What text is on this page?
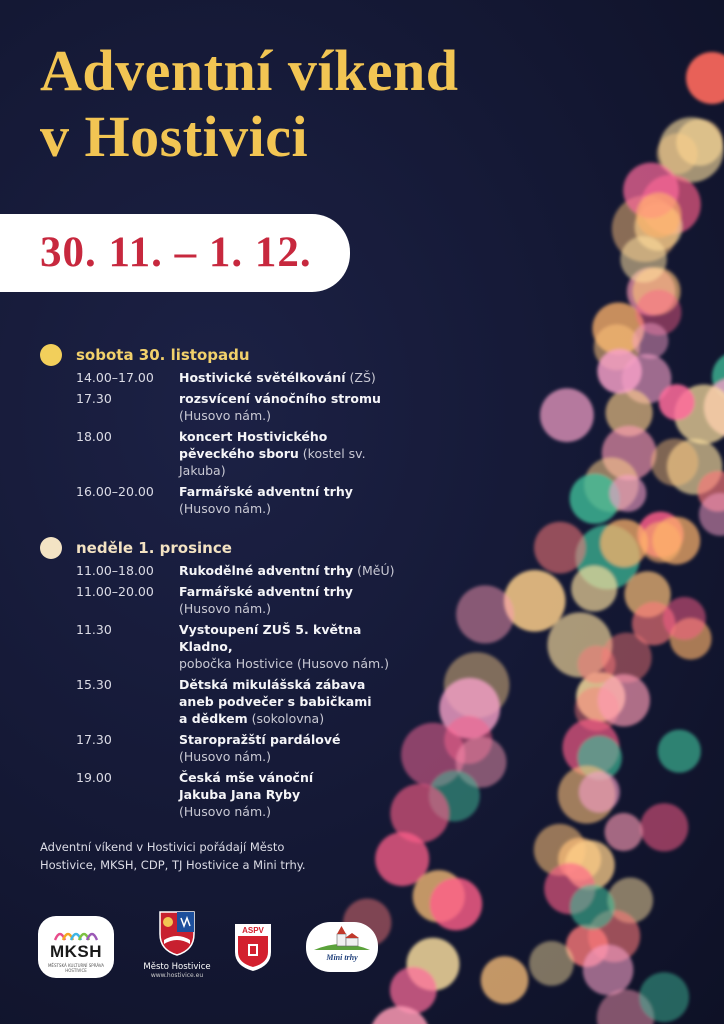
Adventní víkend
v Hostivici
30. 11. – 1. 12.
sobota 30. listopadu
14.00–17.00	Hostivické světélkování (ZŠ)
17.30	rozsvícení vánočního stromu
(Husovo nám.)
18.00	koncert Hostivického pěveckého sboru (kostel sv. Jakuba)
16.00–20.00	Farmářské adventní trhy
(Husovo nám.)
neděle 1. prosince
11.00–18.00	Rukodělné adventní trhy (MěÚ)
11.00–20.00	Farmářské adventní trhy
(Husovo nám.)
11.30	Vystoupení ZUŠ 5. května Kladno,
pobočka Hostivice (Husovo nám.)
15.30	Dětská mikulášská zábava aneb podvečer s babičkami a dědkem (sokolovna)
17.30	Staropražští pardálové
(Husovo nám.)
19.00	Česká mše vánoční Jakuba Jana Ryby
(Husovo nám.)
Adventní víkend v Hostivici pořádají Město Hostivice, MKSH, CDP, TJ Hostivice a Mini trhy.
MKSH
MĚSTSKÁ KULTURNÍ SPRÁVA HOSTIVICE	Město Hostivice
www.hostivice.eu
ASPV
Mini trhy
